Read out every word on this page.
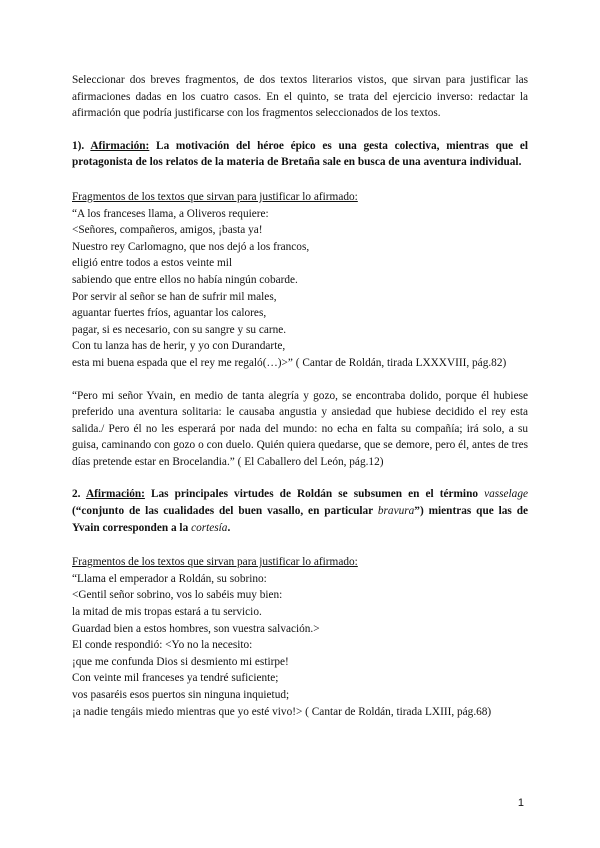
Seleccionar dos breves fragmentos, de dos textos literarios vistos, que sirvan para justificar las afirmaciones dadas en los cuatro casos. En el quinto, se trata del ejercicio inverso: redactar la afirmación que podría justificarse con los fragmentos seleccionados de los textos.

1). Afirmación: La motivación del héroe épico es una gesta colectiva, mientras que el protagonista de los relatos de la materia de Bretaña sale en busca de una aventura individual.

Fragmentos de los textos que sirvan para justificar lo afirmado:

“A los franceses llama, a Oliveros requiere:
<Señores, compañeros, amigos, ¡basta ya!
Nuestro rey Carlomagno, que nos dejó a los francos,
eligió entre todos a estos veinte mil
sabiendo que entre ellos no había ningún cobarde.
Por servir al señor se han de sufrir mil males,
aguantar fuertes fríos, aguantar los calores,
pagar, si es necesario, con su sangre y su carne.
Con tu lanza has de herir, y yo con Durandarte,
esta mi buena espada que el rey me regaló(…)>” ( Cantar de Roldán, tirada LXXXVIII, pág.82)

“Pero mi señor Yvain, en medio de tanta alegría y gozo, se encontraba dolido, porque él hubiese preferido una aventura solitaria: le causaba angustia y ansiedad que hubiese decidido el rey esta salida./ Pero él no les esperará por nada del mundo: no echa en falta su compañía; irá solo, a su guisa, caminando con gozo o con duelo. Quién quiera quedarse, que se demore, pero él, antes de tres días pretende estar en Brocelandia.” ( El Caballero del León, pág.12)

2. Afirmación: Las principales virtudes de Roldán se subsumen en el término vasselage (“conjunto de las cualidades del buen vasallo, en particular bravura”) mientras que las de Yvain corresponden a la cortesía.

Fragmentos de los textos que sirvan para justificar lo afirmado:

“Llama el emperador a Roldán, su sobrino:
<Gentil señor sobrino, vos lo sabéis muy bien:
la mitad de mis tropas estará a tu servicio.
Guardad bien a estos hombres, son vuestra salvación.>
El conde respondió: <Yo no la necesito:
¡que me confunda Dios si desmiento mi estirpe!
Con veinte mil franceses ya tendré suficiente;
vos pasaréis esos puertos sin ninguna inquietud;
¡a nadie tengáis miedo mientras que yo esté vivo!> ( Cantar de Roldán, tirada LXIII, pág.68)
1
